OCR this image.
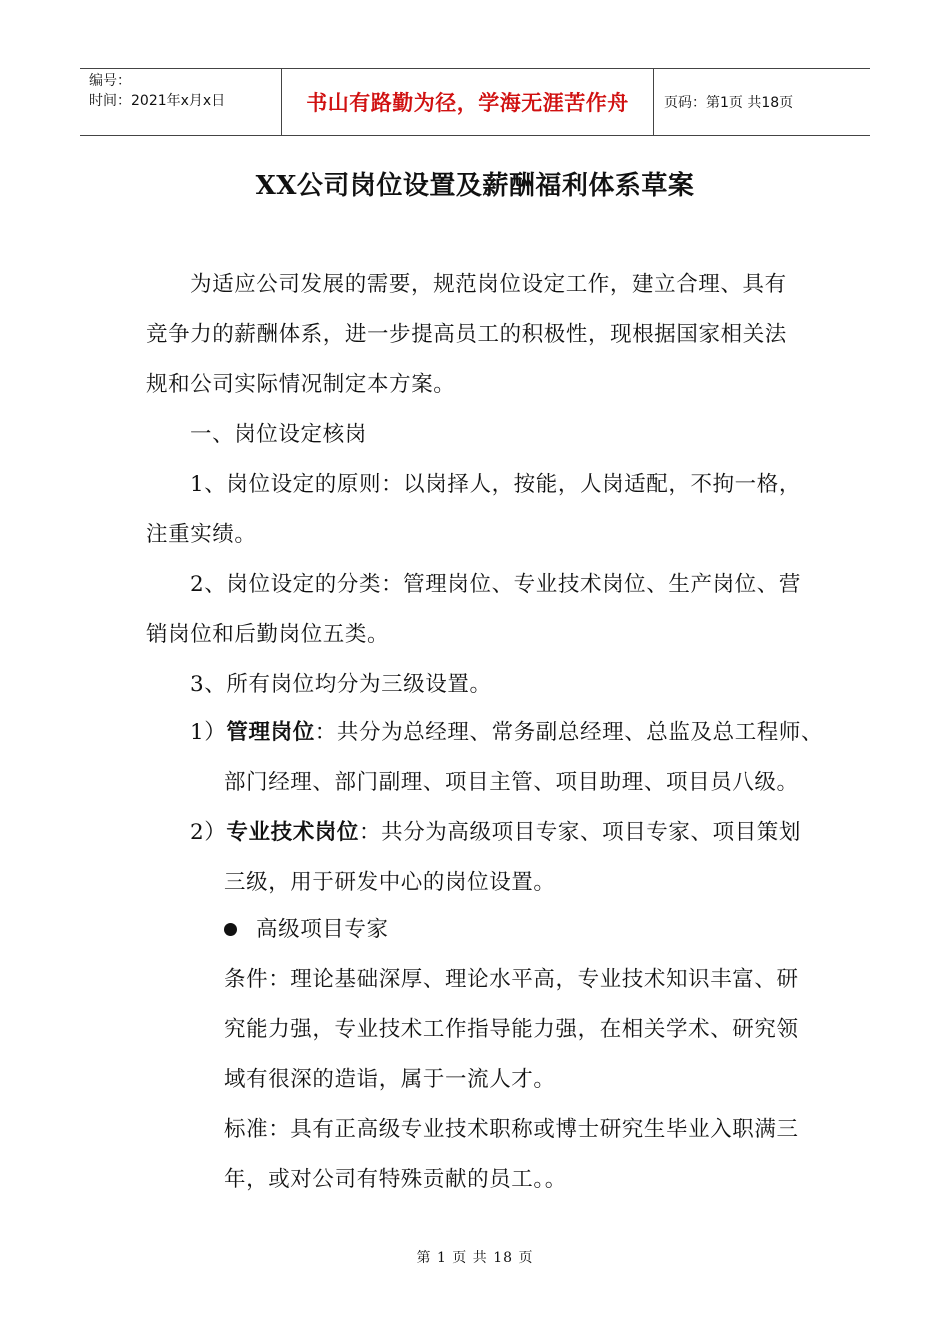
编号：
时间：2021年x月x日	书山有路勤为径，学海无涯苦作舟	页码：第1页 共18页
XX公司岗位设置及薪酬福利体系草案
为适应公司发展的需要，规范岗位设定工作，建立合理、具有
竞争力的薪酬体系，进一步提高员工的积极性，现根据国家相关法
规和公司实际情况制定本方案。
一、岗位设定核岗
1、岗位设定的原则：以岗择人，按能，人岗适配，不拘一格，
注重实绩。
2、岗位设定的分类：管理岗位、专业技术岗位、生产岗位、营
销岗位和后勤岗位五类。
3、所有岗位均分为三级设置。
1）管理岗位：共分为总经理、常务副总经理、总监及总工程师、
部门经理、部门副理、项目主管、项目助理、项目员八级。
2）专业技术岗位：共分为高级项目专家、项目专家、项目策划
三级，用于研发中心的岗位设置。
高级项目专家
条件：理论基础深厚、理论水平高，专业技术知识丰富、研
究能力强，专业技术工作指导能力强，在相关学术、研究领
域有很深的造诣，属于一流人才。
标准：具有正高级专业技术职称或博士研究生毕业入职满三
年，或对公司有特殊贡献的员工。。
第 1 页 共 18 页
